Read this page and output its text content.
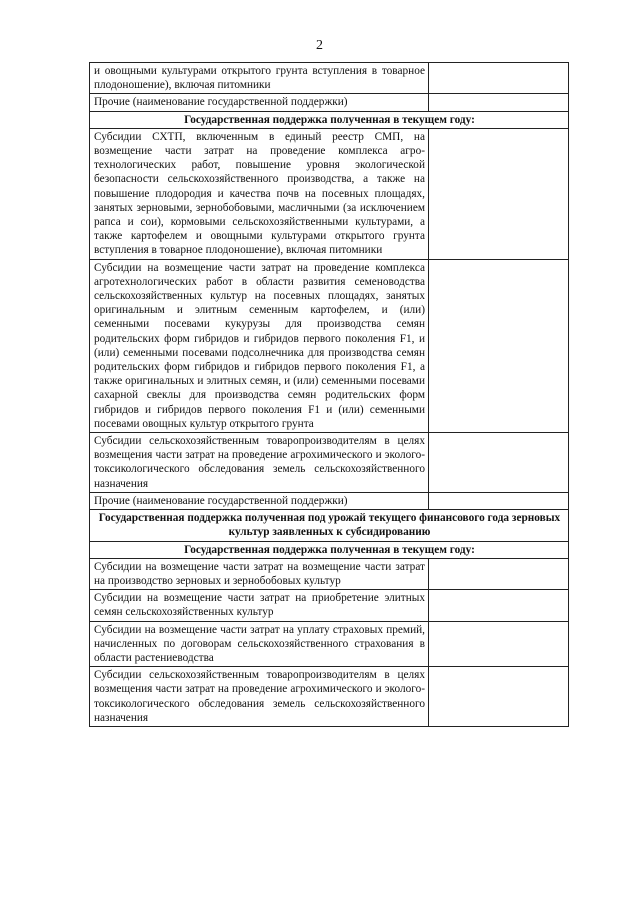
2
и овощными культурами открытого грунта вступления в товарное плодоношение), включая питомники	
Прочие (наименование государственной поддержки)	
Государственная поддержка полученная в текущем году:	
Субсидии СХТП, включенным в единый реестр СМП, на возмещение части затрат на проведение комплекса агро-технологических работ, повышение уровня экологической безопасности сельскохозяйственного производства, а также на повышение плодородия и качества почв на посевных площадях, занятых зерновыми, зернобобовыми, масличными (за исключением рапса и сои), кормовыми сельскохозяйственными культурами, а также картофелем и овощными культурами открытого грунта вступления в товарное плодоношение), включая питомники	
Субсидии на возмещение части затрат на проведение комплекса агротехнологических работ в области развития семеноводства сельскохозяйственных культур на посевных площадях, занятых оригинальным и элитным семенным картофелем, и (или) семенными посевами кукурузы для производства семян родительских форм гибридов и гибридов первого поколения F1, и (или) семенными посевами подсолнечника для производства семян родительских форм гибридов и гибридов первого поколения F1, а также оригинальных и элитных семян, и (или) семенными посевами сахарной свеклы для производства семян родительских форм гибридов и гибридов первого поколения F1 и (или) семенными посевами овощных культур открытого грунта	
Субсидии сельскохозяйственным товаропроизводителям в целях возмещения части затрат на проведение агрохимического и эколого-токсикологического обследования земель сельскохозяйственного назначения	
Прочие (наименование государственной поддержки)	
Государственная поддержка полученная под урожай текущего финансового года зерновых культур заявленных к субсидированию	
Государственная поддержка полученная в текущем году:	
Субсидии на возмещение части затрат на возмещение части затрат на производство зерновых и зернобобовых культур	
Субсидии на возмещение части затрат на приобретение элитных семян сельскохозяйственных культур	
Субсидии на возмещение части затрат на уплату страховых премий, начисленных по договорам сельскохозяйственного страхования в области растениеводства	
Субсидии сельскохозяйственным товаропроизводителям в целях возмещения части затрат на проведение агрохимического и эколого-токсикологического обследования земель сельскохозяйственного назначения	
